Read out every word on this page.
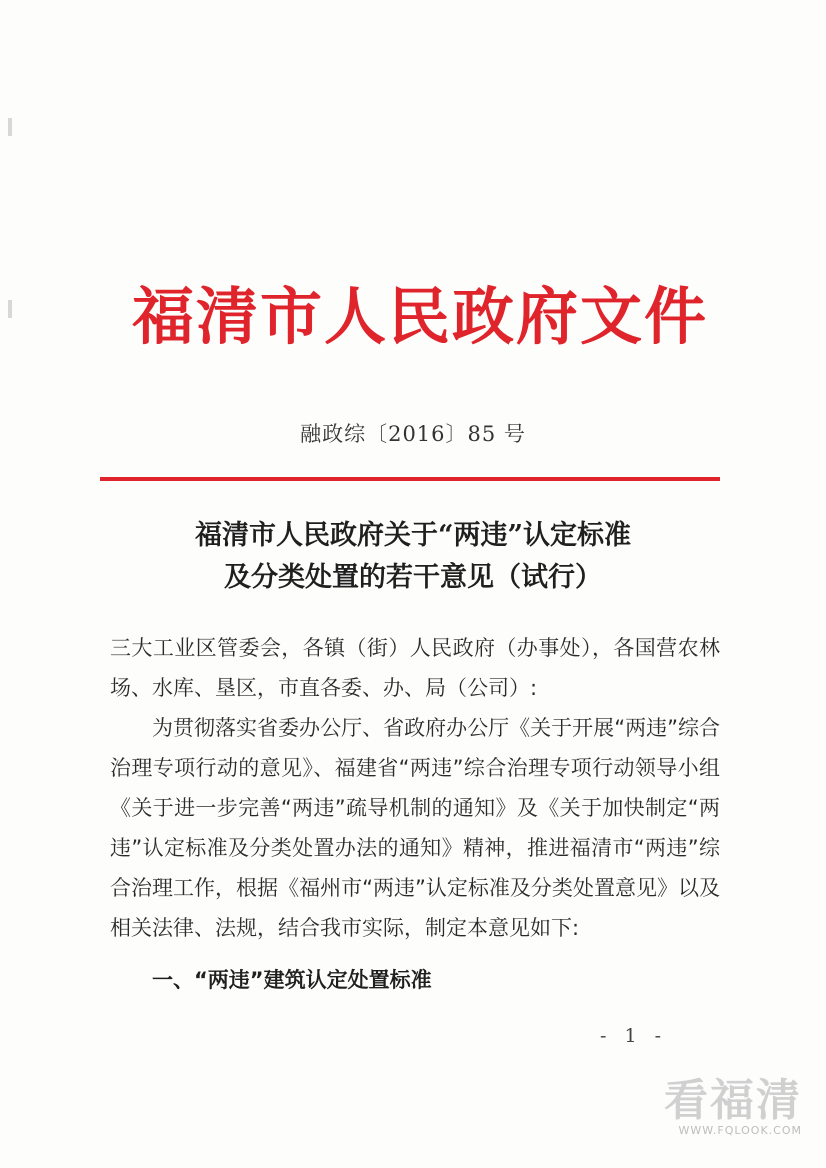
福清市人民政府文件
融政综〔2016〕85 号
福清市人民政府关于“两违”认定标准
及分类处置的若干意见（试行）

三大工业区管委会，各镇（街）人民政府（办事处），各国营农林场、水库、垦区，市直各委、办、局（公司）:

为贯彻落实省委办公厅、省政府办公厅《关于开展“两违”综合治理专项行动的意见》、福建省“两违”综合治理专项行动领导小组《关于进一步完善“两违”疏导机制的通知》及《关于加快制定“两违”认定标准及分类处置办法的通知》精神，推进福清市“两违”综合治理工作，根据《福州市“两违”认定标准及分类处置意见》以及相关法律、法规，结合我市实际，制定本意见如下:

一、“两违”建筑认定处置标准
- 1 -
看福清
WWW.FQLOOK.COM
